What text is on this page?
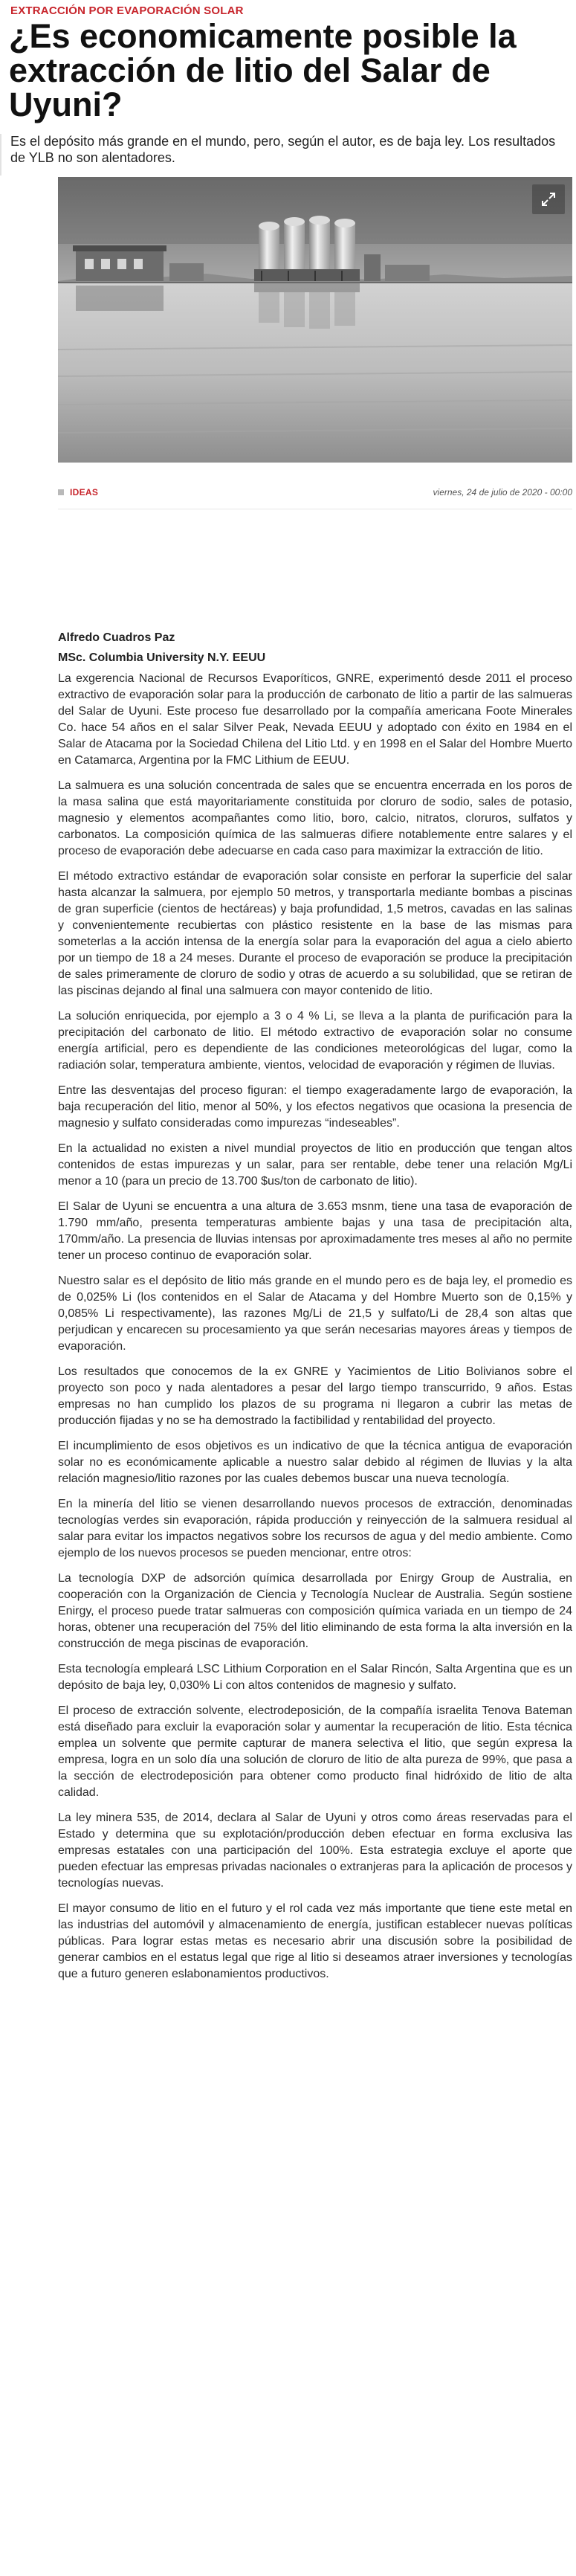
EXTRACCIÓN POR EVAPORACIÓN SOLAR
¿Es economicamente posible la extracción de litio del Salar de Uyuni?

Es el depósito más grande en el mundo, pero, según el autor, es de baja ley. Los resultados de YLB no son alentadores.

IDEAS	viernes, 24 de julio de 2020 - 00:00

Alfredo Cuadros Paz

MSc. Columbia University N.Y. EEUU

La exgerencia Nacional de Recursos Evaporíticos, GNRE, experimentó desde 2011 el proceso extractivo de evaporación solar para la producción de carbonato de litio a partir de las salmueras del Salar de Uyuni. Este proceso fue desarrollado por la compañía americana Foote Minerales Co. hace 54 años en el salar Silver Peak, Nevada EEUU y adoptado con éxito en 1984 en el Salar de Atacama por la Sociedad Chilena del Litio Ltd. y en 1998 en el Salar del Hombre Muerto en Catamarca, Argentina por la FMC Lithium de EEUU.

La salmuera es una solución concentrada de sales que se encuentra encerrada en los poros de la masa salina que está mayoritariamente constituida por cloruro de sodio, sales de potasio, magnesio y elementos acompañantes como litio, boro, calcio, nitratos, cloruros, sulfatos y carbonatos. La composición química de las salmueras difiere notablemente entre salares y el proceso de evaporación debe adecuarse en cada caso para maximizar la extracción de litio.

El método extractivo estándar de evaporación solar consiste en perforar la superficie del salar hasta alcanzar la salmuera, por ejemplo 50 metros, y transportarla mediante bombas a piscinas de gran superficie (cientos de hectáreas) y baja profundidad, 1,5 metros, cavadas en las salinas y convenientemente recubiertas con plástico resistente en la base de las mismas para someterlas a la acción intensa de la energía solar para la evaporación del agua a cielo abierto por un tiempo de 18 a 24 meses. Durante el proceso de evaporación se produce la precipitación de sales primeramente de cloruro de sodio y otras de acuerdo a su solubilidad, que se retiran de las piscinas dejando al final una salmuera con mayor contenido de litio.

La solución enriquecida, por ejemplo a 3 o 4 % Li, se lleva a la planta de purificación para la precipitación del carbonato de litio. El método extractivo de evaporación solar no consume energía artificial, pero es dependiente de las condiciones meteorológicas del lugar, como la radiación solar, temperatura ambiente, vientos, velocidad de evaporación y régimen de lluvias.

Entre las desventajas del proceso figuran: el tiempo exageradamente largo de evaporación, la baja recuperación del litio, menor al 50%, y los efectos negativos que ocasiona la presencia de magnesio y sulfato consideradas como impurezas “indeseables”.

En la actualidad no existen a nivel mundial proyectos de litio en producción que tengan altos contenidos de estas impurezas y un salar, para ser rentable, debe tener una relación Mg/Li menor a 10 (para un precio de 13.700 $us/ton de carbonato de litio).

El Salar de Uyuni se encuentra a una altura de 3.653 msnm, tiene una tasa de evaporación de 1.790 mm/año, presenta temperaturas ambiente bajas y una tasa de precipitación alta, 170mm/año. La presencia de lluvias intensas por aproximadamente tres meses al año no permite tener un proceso continuo de evaporación solar.

Nuestro salar es el depósito de litio más grande en el mundo pero es de baja ley, el promedio es de 0,025% Li (los contenidos en el Salar de Atacama y del Hombre Muerto son de 0,15% y 0,085% Li respectivamente), las razones Mg/Li de 21,5 y sulfato/Li de 28,4 son altas que perjudican y encarecen su procesamiento ya que serán necesarias mayores áreas y tiempos de evaporación.

Los resultados que conocemos de la ex GNRE y Yacimientos de Litio Bolivianos sobre el proyecto son poco y nada alentadores a pesar del largo tiempo transcurrido, 9 años. Estas empresas no han cumplido los plazos de su programa ni llegaron a cubrir las metas de producción fijadas y no se ha demostrado la factibilidad y rentabilidad del proyecto.

El incumplimiento de esos objetivos es un indicativo de que la técnica antigua de evaporación solar no es económicamente aplicable a nuestro salar debido al régimen de lluvias y la alta relación magnesio/litio razones por las cuales debemos buscar una nueva tecnología.

En la minería del litio se vienen desarrollando nuevos procesos de extracción, denominadas tecnologías verdes sin evaporación, rápida producción y reinyección de la salmuera residual al salar para evitar los impactos negativos sobre los recursos de agua y del medio ambiente. Como ejemplo de los nuevos procesos se pueden mencionar, entre otros:

La tecnología DXP de adsorción química desarrollada por Enirgy Group de Australia, en cooperación con la Organización de Ciencia y Tecnología Nuclear de Australia. Según sostiene Enirgy, el proceso puede tratar salmueras con composición química variada en un tiempo de 24 horas, obtener una recuperación del 75% del litio eliminando de esta forma la alta inversión en la construcción de mega piscinas de evaporación.

Esta tecnología empleará LSC Lithium Corporation en el Salar Rincón, Salta Argentina que es un depósito de baja ley, 0,030% Li con altos contenidos de magnesio y sulfato.

El proceso de extracción solvente, electrodeposición, de la compañía israelita Tenova Bateman está diseñado para excluir la evaporación solar y aumentar la recuperación de litio. Esta técnica emplea un solvente que permite capturar de manera selectiva el litio, que según expresa la empresa, logra en un solo día una solución de cloruro de litio de alta pureza de 99%, que pasa a la sección de electrodeposición para obtener como producto final hidróxido de litio de alta calidad.

La ley minera 535, de 2014, declara al Salar de Uyuni y otros como áreas reservadas para el Estado y determina que su explotación/producción deben efectuar en forma exclusiva las empresas estatales con una participación del 100%. Esta estrategia excluye el aporte que pueden efectuar las empresas privadas nacionales o extranjeras para la aplicación de procesos y tecnologías nuevas.

El mayor consumo de litio en el futuro y el rol cada vez más importante que tiene este metal en las industrias del automóvil y almacenamiento de energía, justifican establecer nuevas políticas públicas. Para lograr estas metas es necesario abrir una discusión sobre la posibilidad de generar cambios en el estatus legal que rige al litio si deseamos atraer inversiones y tecnologías que a futuro generen eslabonamientos productivos.
